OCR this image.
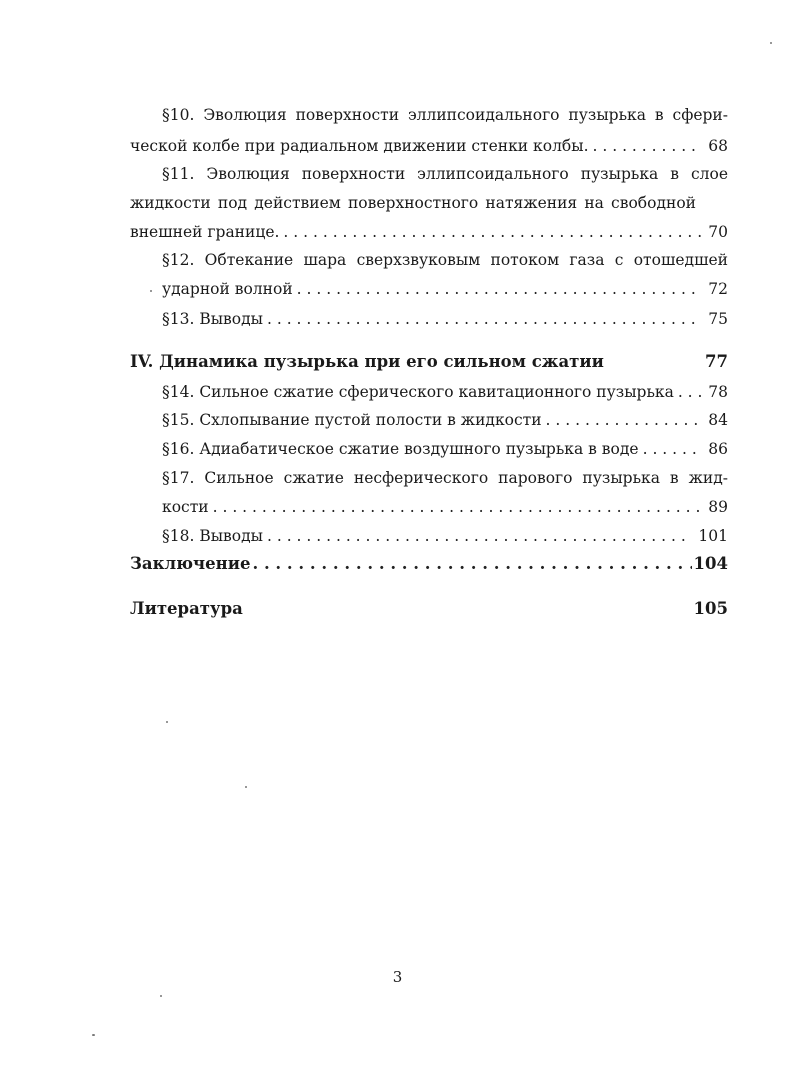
§10. Эволюция поверхности эллипсоидального пузырька в сфери-
ческой колбе при радиальном движении стенки колбы. . . .	68
§11. Эволюция поверхности эллипсоидального пузырька в слое
жидкости под действием поверхностного натяжения на свободной
внешней границе. . . .	70
§12. Обтекание шара сверхзвуковым потоком газа с отошедшей
ударной волной . . .	72
§13. Выводы . . .	75
IV. Динамика пузырька при его сильном сжатии	77
§14. Сильное сжатие сферического кавитационного пузырька . . . 78
§15. Схлопывание пустой полости в жидкости . . .	84
§16. Адиабатическое сжатие воздушного пузырька в воде . . .	86
§17. Сильное сжатие несферического парового пузырька в жид-
кости . . .	89
§18. Выводы . . .	101
Заключение . . .	104
Литература	105
3
